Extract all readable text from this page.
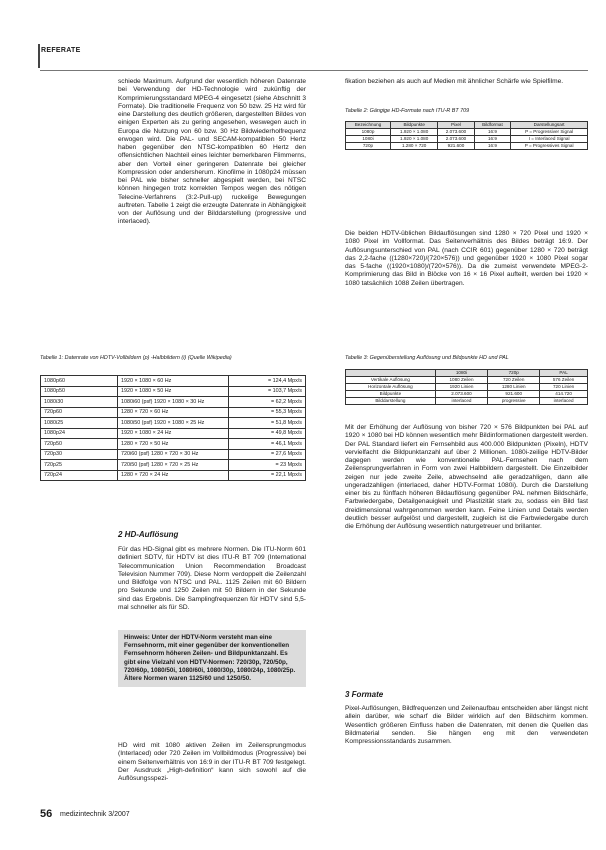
REFERATE

schiede Maximum. Aufgrund der wesentlich höheren Datenrate bei Verwendung der HD-Technologie wird zukünftig der Komprimierungsstandard MPEG-4 eingesetzt (siehe Abschnitt 3 Formate). Die traditionelle Frequenz von 50 bzw. 25 Hz wird für eine Darstellung des deutlich größeren, dargestellten Bildes von einigen Experten als zu gering angesehen, weswegen auch in Europa die Nutzung von 60 bzw. 30 Hz Bildwiederholfrequenz erwogen wird. Die PAL- und SECAM-kompatiblen 50 Hertz haben gegenüber den NTSC-kompatiblen 60 Hertz den offensichtlichen Nachteil eines leichter bemerkbaren Flimmerns, aber den Vorteil einer geringeren Datenrate bei gleicher Kompression oder andersherum. Kinofilme in 1080p24 müssen bei PAL wie bisher schneller abgespielt werden, bei NTSC können hingegen trotz korrekten Tempos wegen des nötigen Telecine-Verfahrens (3:2-Pull-up) ruckelige Bewegungen auftreten. Tabelle 1 zeigt die erzeugte Datenrate in Abhängigkeit von der Auflösung und der Bilddarstellung (progressive und interlaced).

Tabelle 1: Datenrate von HDTV-Vollbildern (p) -Halbbildern (i) (Quelle Wikipedia)
1080p60	1920 × 1080 × 60 Hz	= 124,4 Mpx/s
1080p50	1920 × 1080 × 50 Hz	= 103,7 Mpx/s
1080i30	1080i60 (psf) 1920 × 1080 × 30 Hz	= 62,2 Mpx/s
720p60	1280 × 720 × 60 Hz	= 55,3 Mpx/s
1080i25	1080i50 (psf) 1920 × 1080 × 25 Hz	= 51,8 Mpx/s
1080p24	1920 × 1080 × 24 Hz	= 49,8 Mpx/s
720p50	1280 × 720 × 50 Hz	= 46,1 Mpx/s
720p30	720i60 (psf) 1280 × 720 × 30 Hz	= 27,6 Mpx/s
720p25	720i50 (psf) 1280 × 720 × 25 Hz	= 23 Mpx/s
720p24	1280 × 720 × 24 Hz	= 22,1 Mpx/s
2 HD-Auflösung

Für das HD-Signal gibt es mehrere Normen. Die ITU-Norm 601 definiert SDTV, für HDTV ist dies ITU-R BT 709 (International Telecommunication Union Recommendation Broadcast Television Nummer 709). Diese Norm verdoppelt die Zeilenzahl und Bildfolge von NTSC und PAL. 1125 Zeilen mit 60 Bildern pro Sekunde und 1250 Zeilen mit 50 Bildern in der Sekunde sind das Ergebnis. Die Samplingfrequenzen für HDTV sind 5,5-mal schneller als für SD.

Hinweis: Unter der HDTV-Norm versteht man eine Fernsehnorm, mit einer gegenüber der konventionellen Fernsehnorm höheren Zeilen- und Bildpunktanzahl. Es gibt eine Vielzahl von HDTV-Normen: 720/30p, 720/50p, 720/60p, 1080/50i, 1080/60i, 1080/30p, 1080/24p, 1080/25p. Ältere Normen waren 1125/60 und 1250/50.

HD wird mit 1080 aktiven Zeilen im Zeilensprungmodus (Interlaced) oder 720 Zeilen im Vollbildmodus (Progressive) bei einem Seitenverhältnis von 16:9 in der ITU-R BT 709 festgelegt. Der Ausdruck „High-definition“ kann sich sowohl auf die Auflösungsspezi-

fikation beziehen als auch auf Medien mit ähnlicher Schärfe wie Spielfilme.

Tabelle 2: Gängige HD-Formate nach ITU-R BT 709
Bezeichnung	Bildpunkte	Pixel	Bildformat	Darstellungsart
1080p	1.920 × 1.080	2.073.600	16:9	P = Progressiver Signal
1080i	1.920 × 1.080	2.073.600	16:9	I = Interlaced Signal
720p	1.280 × 720	921.600	16:9	P = Progressives Signal

Die beiden HDTV-üblichen Bildauflösungen sind 1280 × 720 Pixel und 1920 × 1080 Pixel im Vollformat. Das Seitenverhältnis des Bildes beträgt 16:9. Der Auflösungsunterschied von PAL (nach CCIR 601) gegenüber 1280 × 720 beträgt das 2,2-fache ((1280×720)/(720×576)) und gegenüber 1920 × 1080 Pixel sogar das 5-fache ((1920×1080)/(720×576)). Da die zumeist verwendete MPEG-2-Komprimierung das Bild in Blöcke von 16 × 16 Pixel aufteilt, werden bei 1920 × 1080 tatsächlich 1088 Zeilen übertragen.

Tabelle 3: Gegenüberstellung Auflösung und Bildpunkte HD und PAL
	1080i	720p	PAL
Vertikale Auflösung	1080 Zeilen	720 Zeilen	576 Zeilen
Horizontale Auflösung	1920 Linien	1280 Linien	720 Linien
Bildpunkte	2.073.600	921.600	414.720
Bilddarstellung	interlaced	progressive	interlaced

Mit der Erhöhung der Auflösung von bisher 720 × 576 Bildpunkten bei PAL auf 1920 × 1080 bei HD können wesentlich mehr Bildinformationen dargestellt werden. Der PAL Standard liefert ein Fernsehbild aus 400.000 Bildpunkten (Pixeln), HDTV vervielfacht die Bildpunktanzahl auf über 2 Millionen. 1080i-zeilige HDTV-Bilder dagegen werden wie konventionelle PAL-Fernsehen nach dem Zeilensprungverfahren in Form von zwei Halbbildern dargestellt. Die Einzelbilder zeigen nur jede zweite Zeile, abwechselnd alle geradzahligen, dann alle ungeradzahligen (interlaced, daher HDTV-Format 1080i). Durch die Darstellung einer bis zu fünffach höheren Bildauflösung gegenüber PAL nehmen Bildschärfe, Farbwiedergabe, Detailgenauigkeit und Plastizität stark zu, sodass ein Bild fast dreidimensional wahrgenommen werden kann. Feine Linien und Details werden deutlich besser aufgelöst und dargestellt, zugleich ist die Farbwiedergabe durch die Erhöhung der Auflösung wesentlich naturgetreuer und brillanter.

3 Formate

Pixel-Auflösungen, Bildfrequenzen und Zeilenaufbau entscheiden aber längst nicht allein darüber, wie scharf die Bilder wirklich auf den Bildschirm kommen. Wesentlich größeren Einfluss haben die Datenraten, mit denen die Quellen das Bildmaterial senden. Sie hängen eng mit den verwendeten Kompressionsstandards zusammen.

56 medizintechnik 3/2007
